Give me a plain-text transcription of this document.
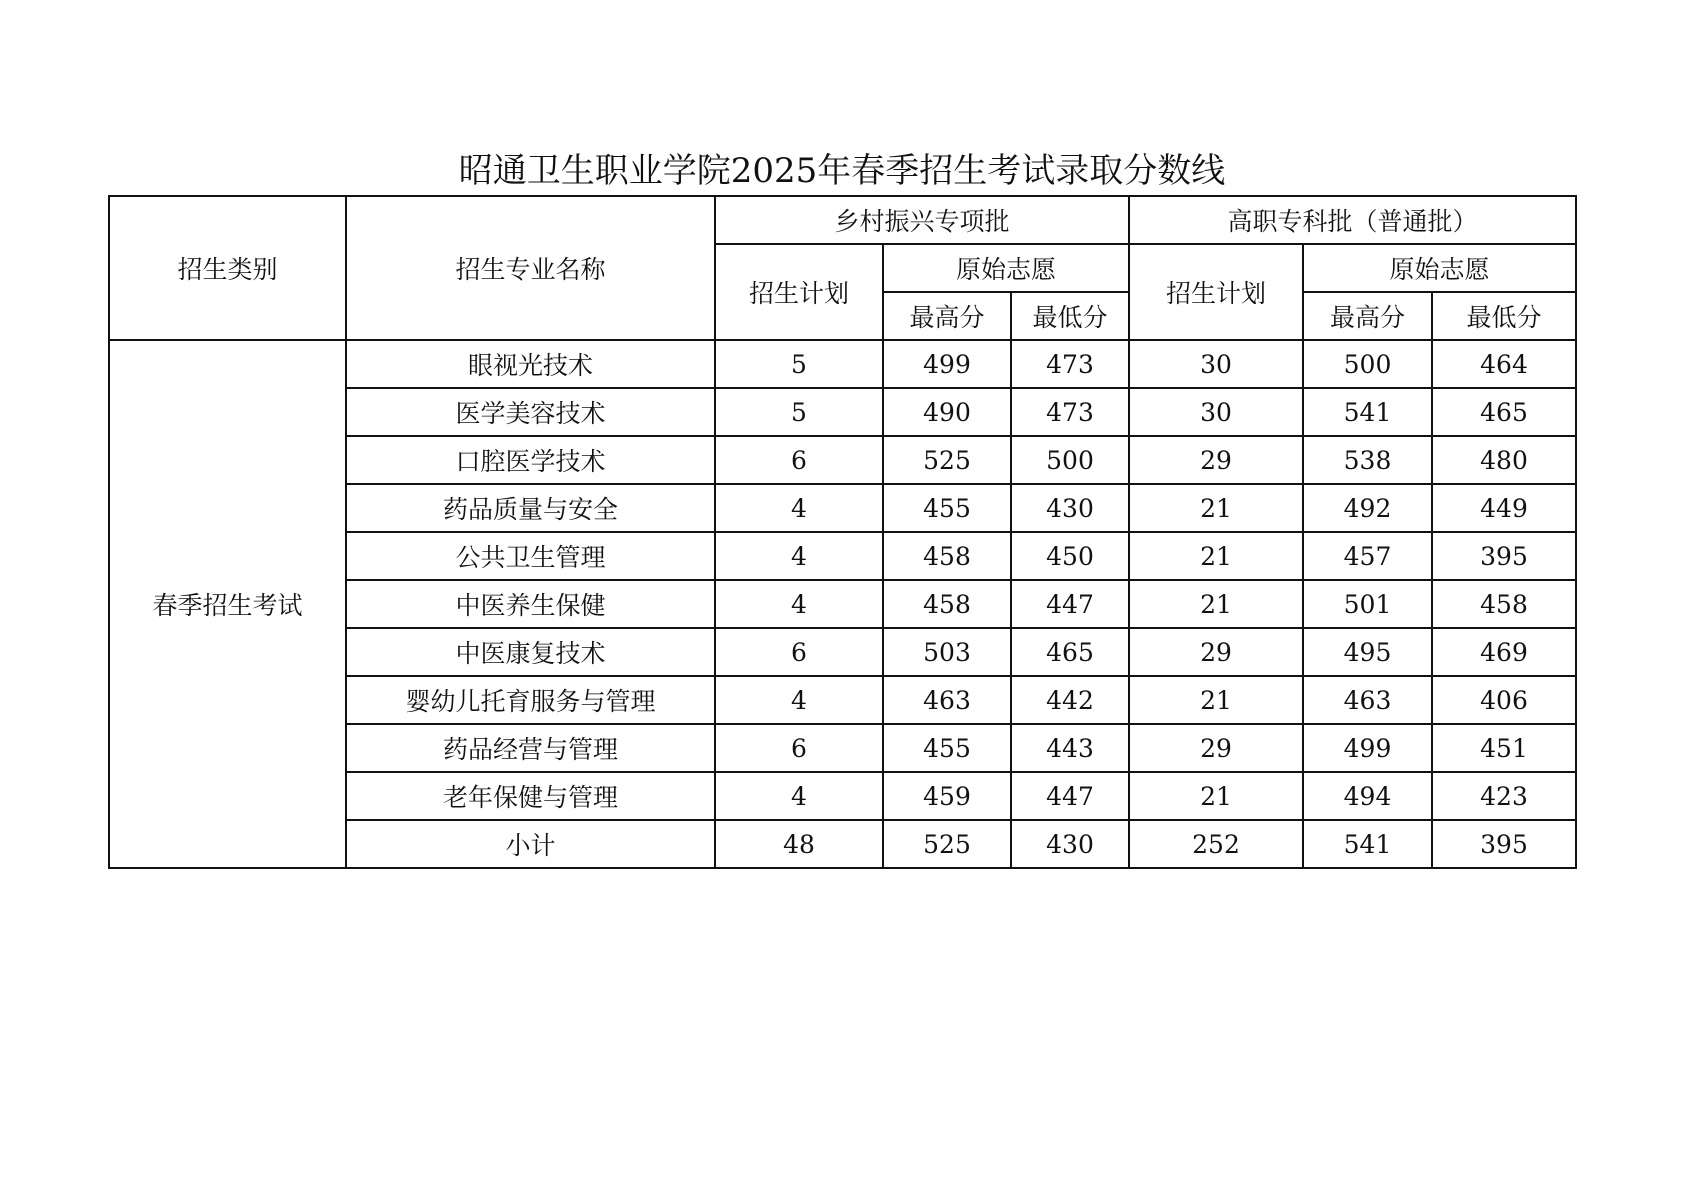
昭通卫生职业学院2025年春季招生考试录取分数线
招生类别	招生专业名称	乡村振兴专项批			高职专科批（普通批）		
		招生计划	原始志愿		招生计划	原始志愿	
			最高分	最低分		最高分	最低分
春季招生考试	眼视光技术	5	499	473	30	500	464
	医学美容技术	5	490	473	30	541	465
	口腔医学技术	6	525	500	29	538	480
	药品质量与安全	4	455	430	21	492	449
	公共卫生管理	4	458	450	21	457	395
	中医养生保健	4	458	447	21	501	458
	中医康复技术	6	503	465	29	495	469
	婴幼儿托育服务与管理	4	463	442	21	463	406
	药品经营与管理	6	455	443	29	499	451
	老年保健与管理	4	459	447	21	494	423
	小计	48	525	430	252	541	395
